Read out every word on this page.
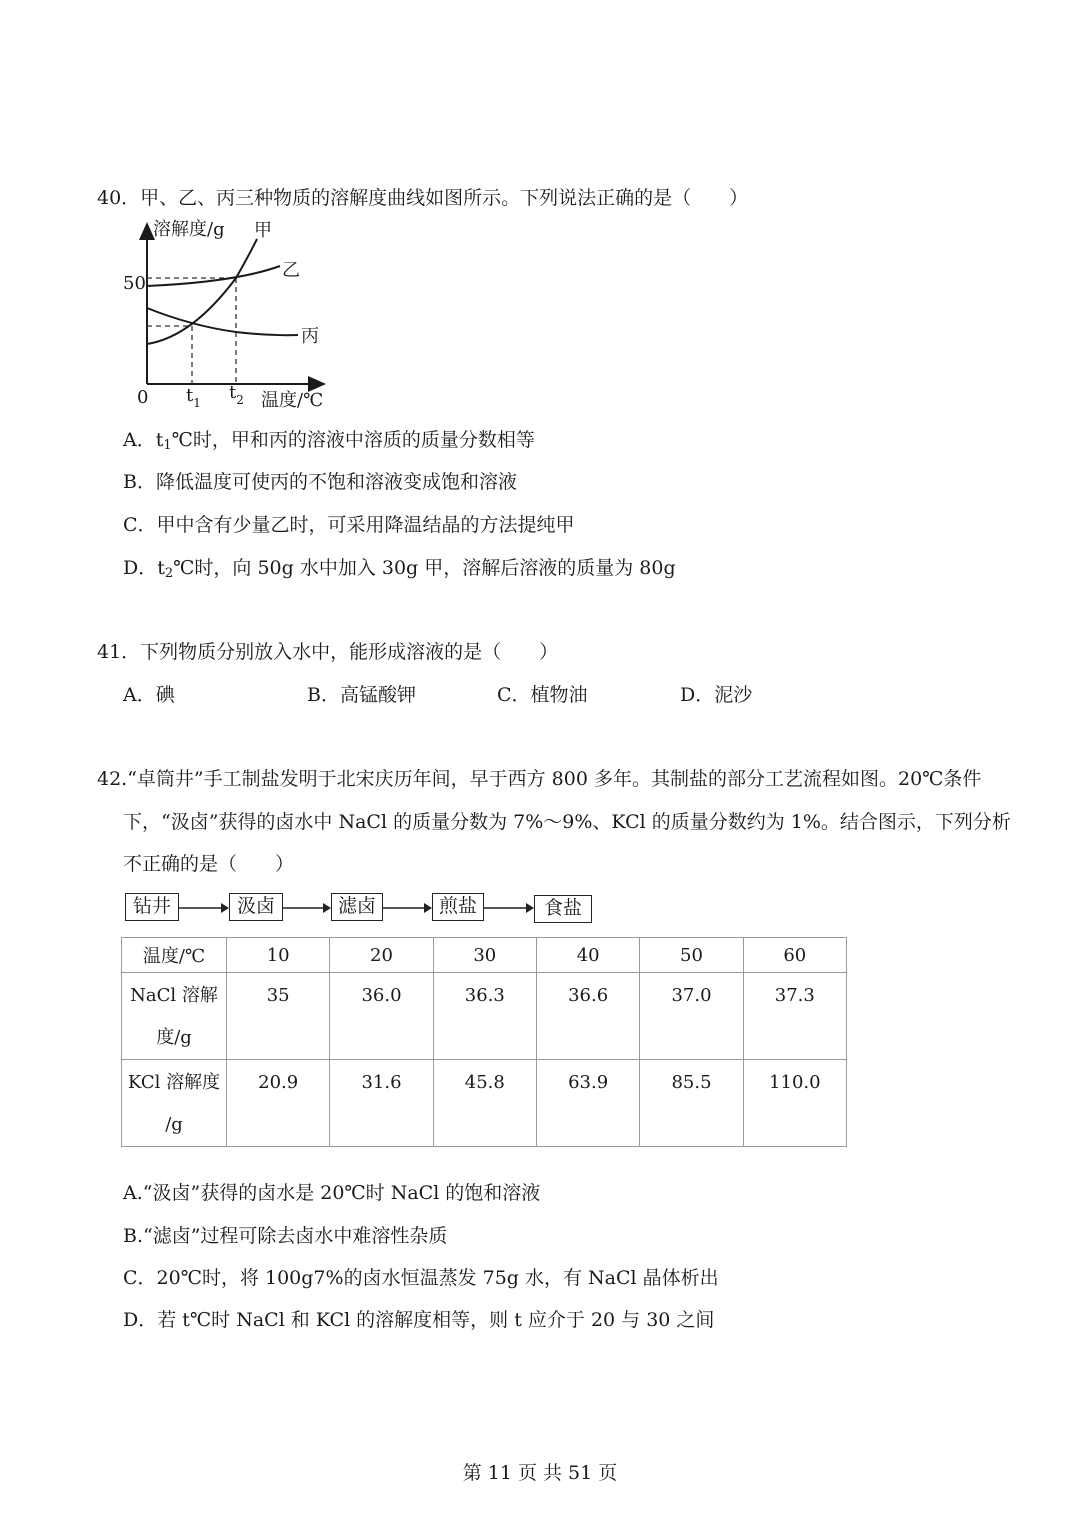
40．甲、乙、丙三种物质的溶解度曲线如图所示。下列说法正确的是（　　）
溶解度/g 甲
乙
丙
50
0 $t_1$ $t_2$ 温度/℃
A．$t_1℃$时，甲和丙的溶液中溶质的质量分数相等
B．降低温度可使丙的不饱和溶液变成饱和溶液
C．甲中含有少量乙时，可采用降温结晶的方法提纯甲
D．$t_2℃$时，向 50g 水中加入 30g 甲，溶解后溶液的质量为 80g
41．下列物质分别放入水中，能形成溶液的是（　　）
A．碘	B．高锰酸钾	C．植物油	D．泥沙
42.“卓筒井”手工制盐发明于北宋庆历年间，早于西方 800 多年。其制盐的部分工艺流程如图。20℃条件
下，“汲卤”获得的卤水中 NaCl 的质量分数为 7%～9%、KCl 的质量分数约为 1%。结合图示，下列分析
不正确的是（　　）
钻井	汲卤	滤卤	煎盐	食盐
温度/℃	10	20	30	40	50	60
NaCl 溶解
度/g	35	36.0	36.3	36.6	37.0	37.3
KCl 溶解度
/g	20.9	31.6	45.8	63.9	85.5	110.0
A.“汲卤”获得的卤水是 20℃时 NaCl 的饱和溶液
B.“滤卤”过程可除去卤水中难溶性杂质
C．20℃时，将 100g7%的卤水恒温蒸发 75g 水，有 NaCl 晶体析出
D．若 t℃时 NaCl 和 KCl 的溶解度相等，则 t 应介于 20 与 30 之间
第 11 页 共 51 页
